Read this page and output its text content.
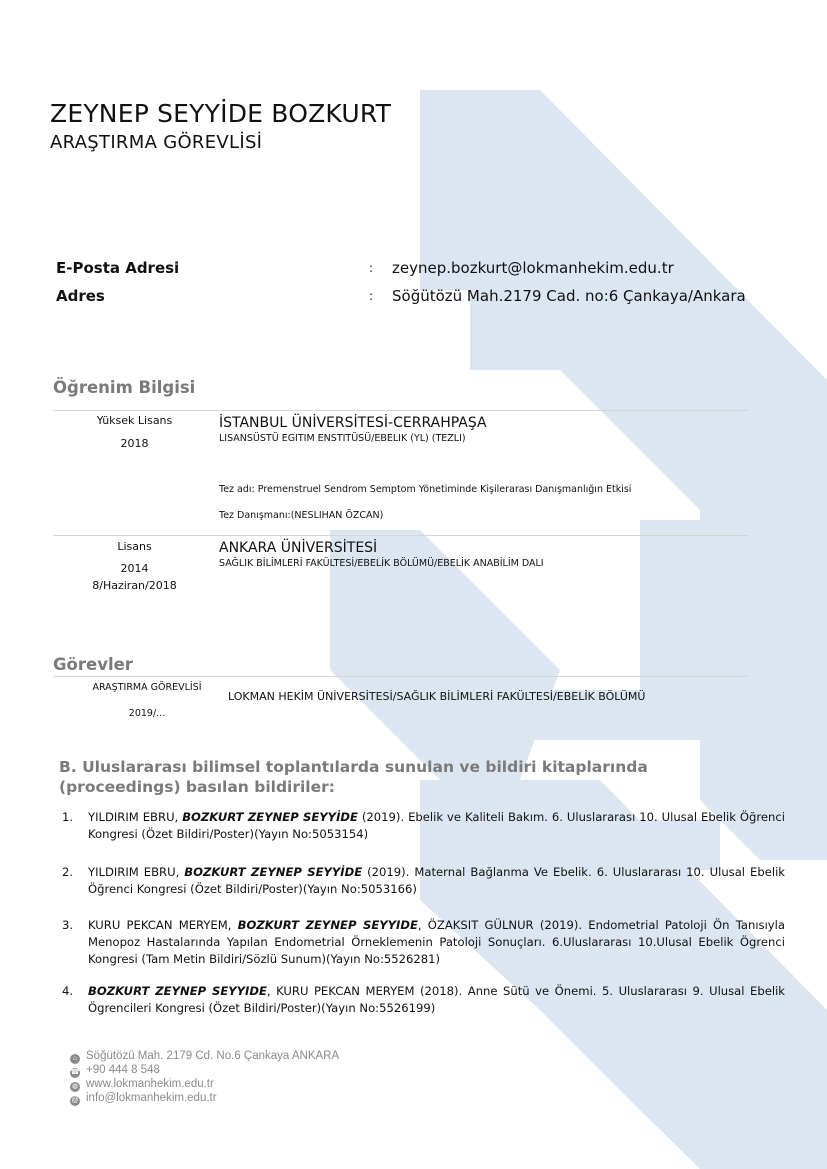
ZEYNEP SEYYİDE BOZKURT
ARAŞTIRMA GÖREVLİSİ
E-Posta Adresi	: zeynep.bozkurt@lokmanhekim.edu.tr
Adres	: Söğütözü Mah.2179 Cad. no:6 Çankaya/Ankara
Öğrenim Bilgisi
Yüksek Lisans
2018
İSTANBUL ÜNİVERSİTESİ-CERRAHPAŞA
LISANSÜSTÜ EGITIM ENSTITÜSÜ/EBELIK (YL) (TEZLI)
Tez adı: Premenstruel Sendrom Semptom Yönetiminde Kişilerarası Danışmanlığın Etkisi
Tez Danışmanı:(NESLIHAN ÖZCAN)
Lisans
2014
8/Haziran/2018
ANKARA ÜNİVERSİTESİ
SAĞLIK BİLİMLERİ FAKÜLTESİ/EBELİK BÖLÜMÜ/EBELİK ANABİLİM DALI
Görevler
ARAŞTIRMA GÖREVLİSİ
2019/...
LOKMAN HEKİM ÜNİVERSİTESİ/SAĞLIK BİLİMLERİ FAKÜLTESİ/EBELİK BÖLÜMÜ
B. Uluslararası bilimsel toplantılarda sunulan ve bildiri kitaplarında
(proceedings) basılan bildiriler:
1. YILDIRIM EBRU, BOZKURT ZEYNEP SEYYİDE (2019). Ebelik ve Kaliteli Bakım. 6. Uluslararası 10. Ulusal Ebelik Öğrenci Kongresi (Özet Bildiri/Poster)(Yayın No:5053154)
2. YILDIRIM EBRU, BOZKURT ZEYNEP SEYYİDE (2019). Maternal Bağlanma Ve Ebelik. 6. Uluslararası 10. Ulusal Ebelik Öğrenci Kongresi (Özet Bildiri/Poster)(Yayın No:5053166)
3. KURU PEKCAN MERYEM, BOZKURT ZEYNEP SEYYIDE, ÖZAKSIT GÜLNUR (2019). Endometrial Patoloji Ön Tanısıyla Menopoz Hastalarında Yapılan Endometrial Örneklemenin Patoloji Sonuçları. 6.Uluslararası 10.Ulusal Ebelik Ögrenci Kongresi (Tam Metin Bildiri/Sözlü Sunum)(Yayın No:5526281)
4. BOZKURT ZEYNEP SEYYIDE, KURU PEKCAN MERYEM (2018). Anne Sütü ve Önemi. 5. Uluslararası 9. Ulusal Ebelik Ögrencileri Kongresi (Özet Bildiri/Poster)(Yayın No:5526199)
⌂ Söğütözü Mah. 2179 Cd. No.6 Çankaya ANKARA
☎ +90 444 8 548
◍ www.lokmanhekim.edu.tr
@ info@lokmanhekim.edu.tr
